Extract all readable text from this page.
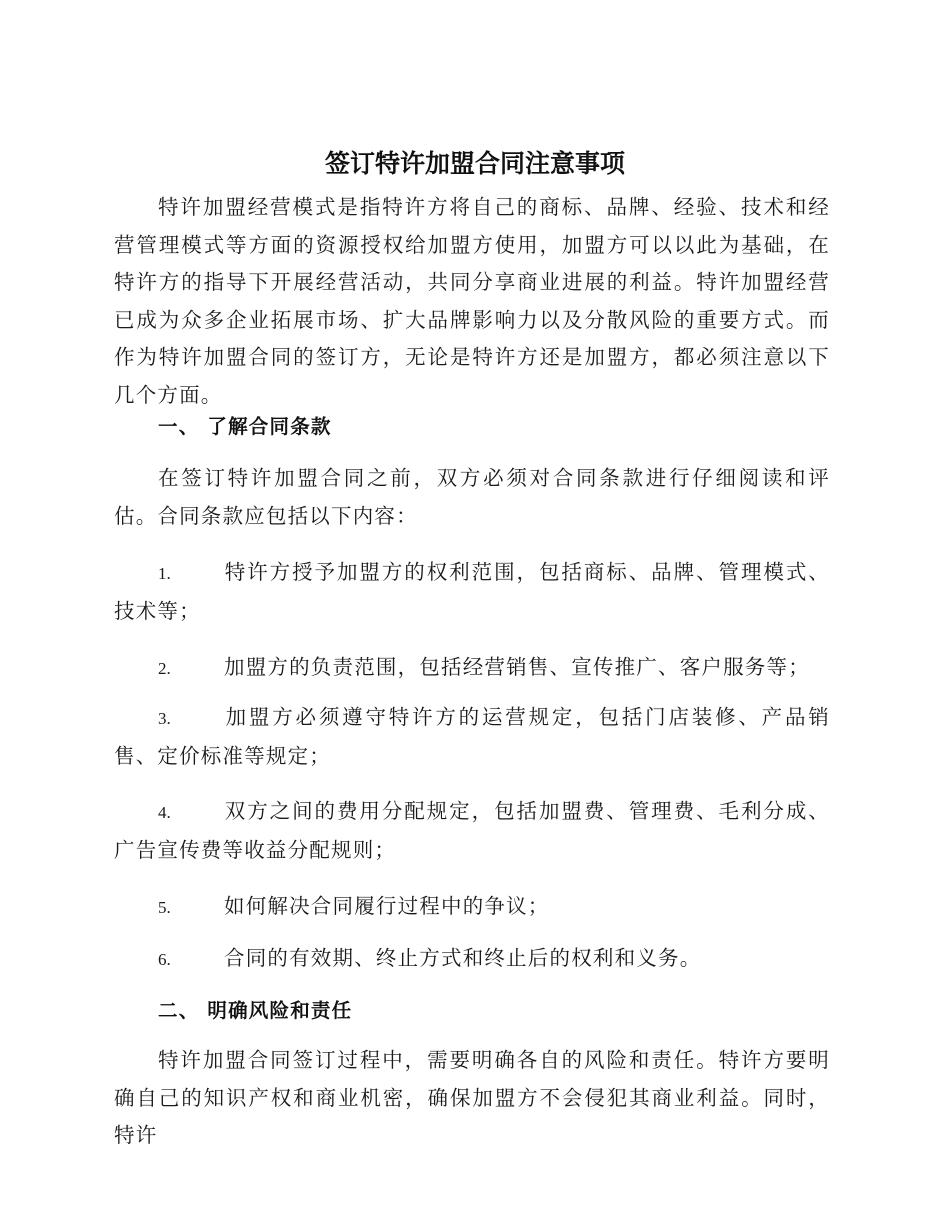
签订特许加盟合同注意事项
特许加盟经营模式是指特许方将自己的商标、品牌、经验、技术和经营管理模式等方面的资源授权给加盟方使用，加盟方可以以此为基础，在特许方的指导下开展经营活动，共同分享商业进展的利益。特许加盟经营已成为众多企业拓展市场、扩大品牌影响力以及分散风险的重要方式。而作为特许加盟合同的签订方，无论是特许方还是加盟方，都必须注意以下几个方面。
一、 了解合同条款
在签订特许加盟合同之前，双方必须对合同条款进行仔细阅读和评估。合同条款应包括以下内容：
1.	特许方授予加盟方的权利范围，包括商标、品牌、管理模式、技术等；
2.	加盟方的负责范围，包括经营销售、宣传推广、客户服务等；
3.	加盟方必须遵守特许方的运营规定，包括门店装修、产品销售、定价标准等规定；
4.	双方之间的费用分配规定，包括加盟费、管理费、毛利分成、广告宣传费等收益分配规则；
5.	如何解决合同履行过程中的争议；
6.	合同的有效期、终止方式和终止后的权利和义务。
二、 明确风险和责任
特许加盟合同签订过程中，需要明确各自的风险和责任。特许方要明确自己的知识产权和商业机密，确保加盟方不会侵犯其商业利益。同时，特许
